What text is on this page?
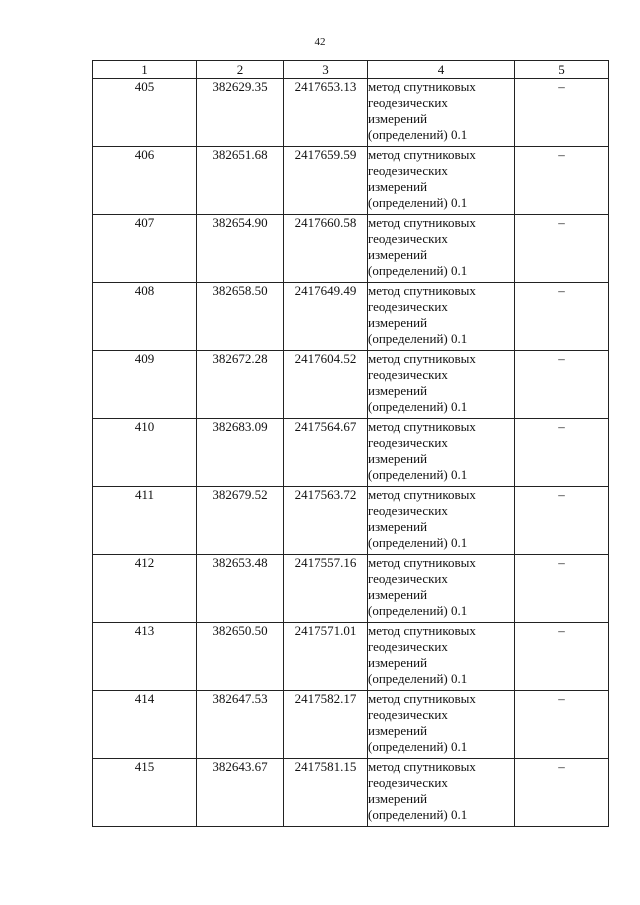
42
1	2	3	4	5
405	382629.35	2417653.13	метод спутниковых
геодезических
измерений
(определений) 0.1	–
406	382651.68	2417659.59	метод спутниковых
геодезических
измерений
(определений) 0.1	–
407	382654.90	2417660.58	метод спутниковых
геодезических
измерений
(определений) 0.1	–
408	382658.50	2417649.49	метод спутниковых
геодезических
измерений
(определений) 0.1	–
409	382672.28	2417604.52	метод спутниковых
геодезических
измерений
(определений) 0.1	–
410	382683.09	2417564.67	метод спутниковых
геодезических
измерений
(определений) 0.1	–
411	382679.52	2417563.72	метод спутниковых
геодезических
измерений
(определений) 0.1	–
412	382653.48	2417557.16	метод спутниковых
геодезических
измерений
(определений) 0.1	–
413	382650.50	2417571.01	метод спутниковых
геодезических
измерений
(определений) 0.1	–
414	382647.53	2417582.17	метод спутниковых
геодезических
измерений
(определений) 0.1	–
415	382643.67	2417581.15	метод спутниковых
геодезических
измерений
(определений) 0.1	–
